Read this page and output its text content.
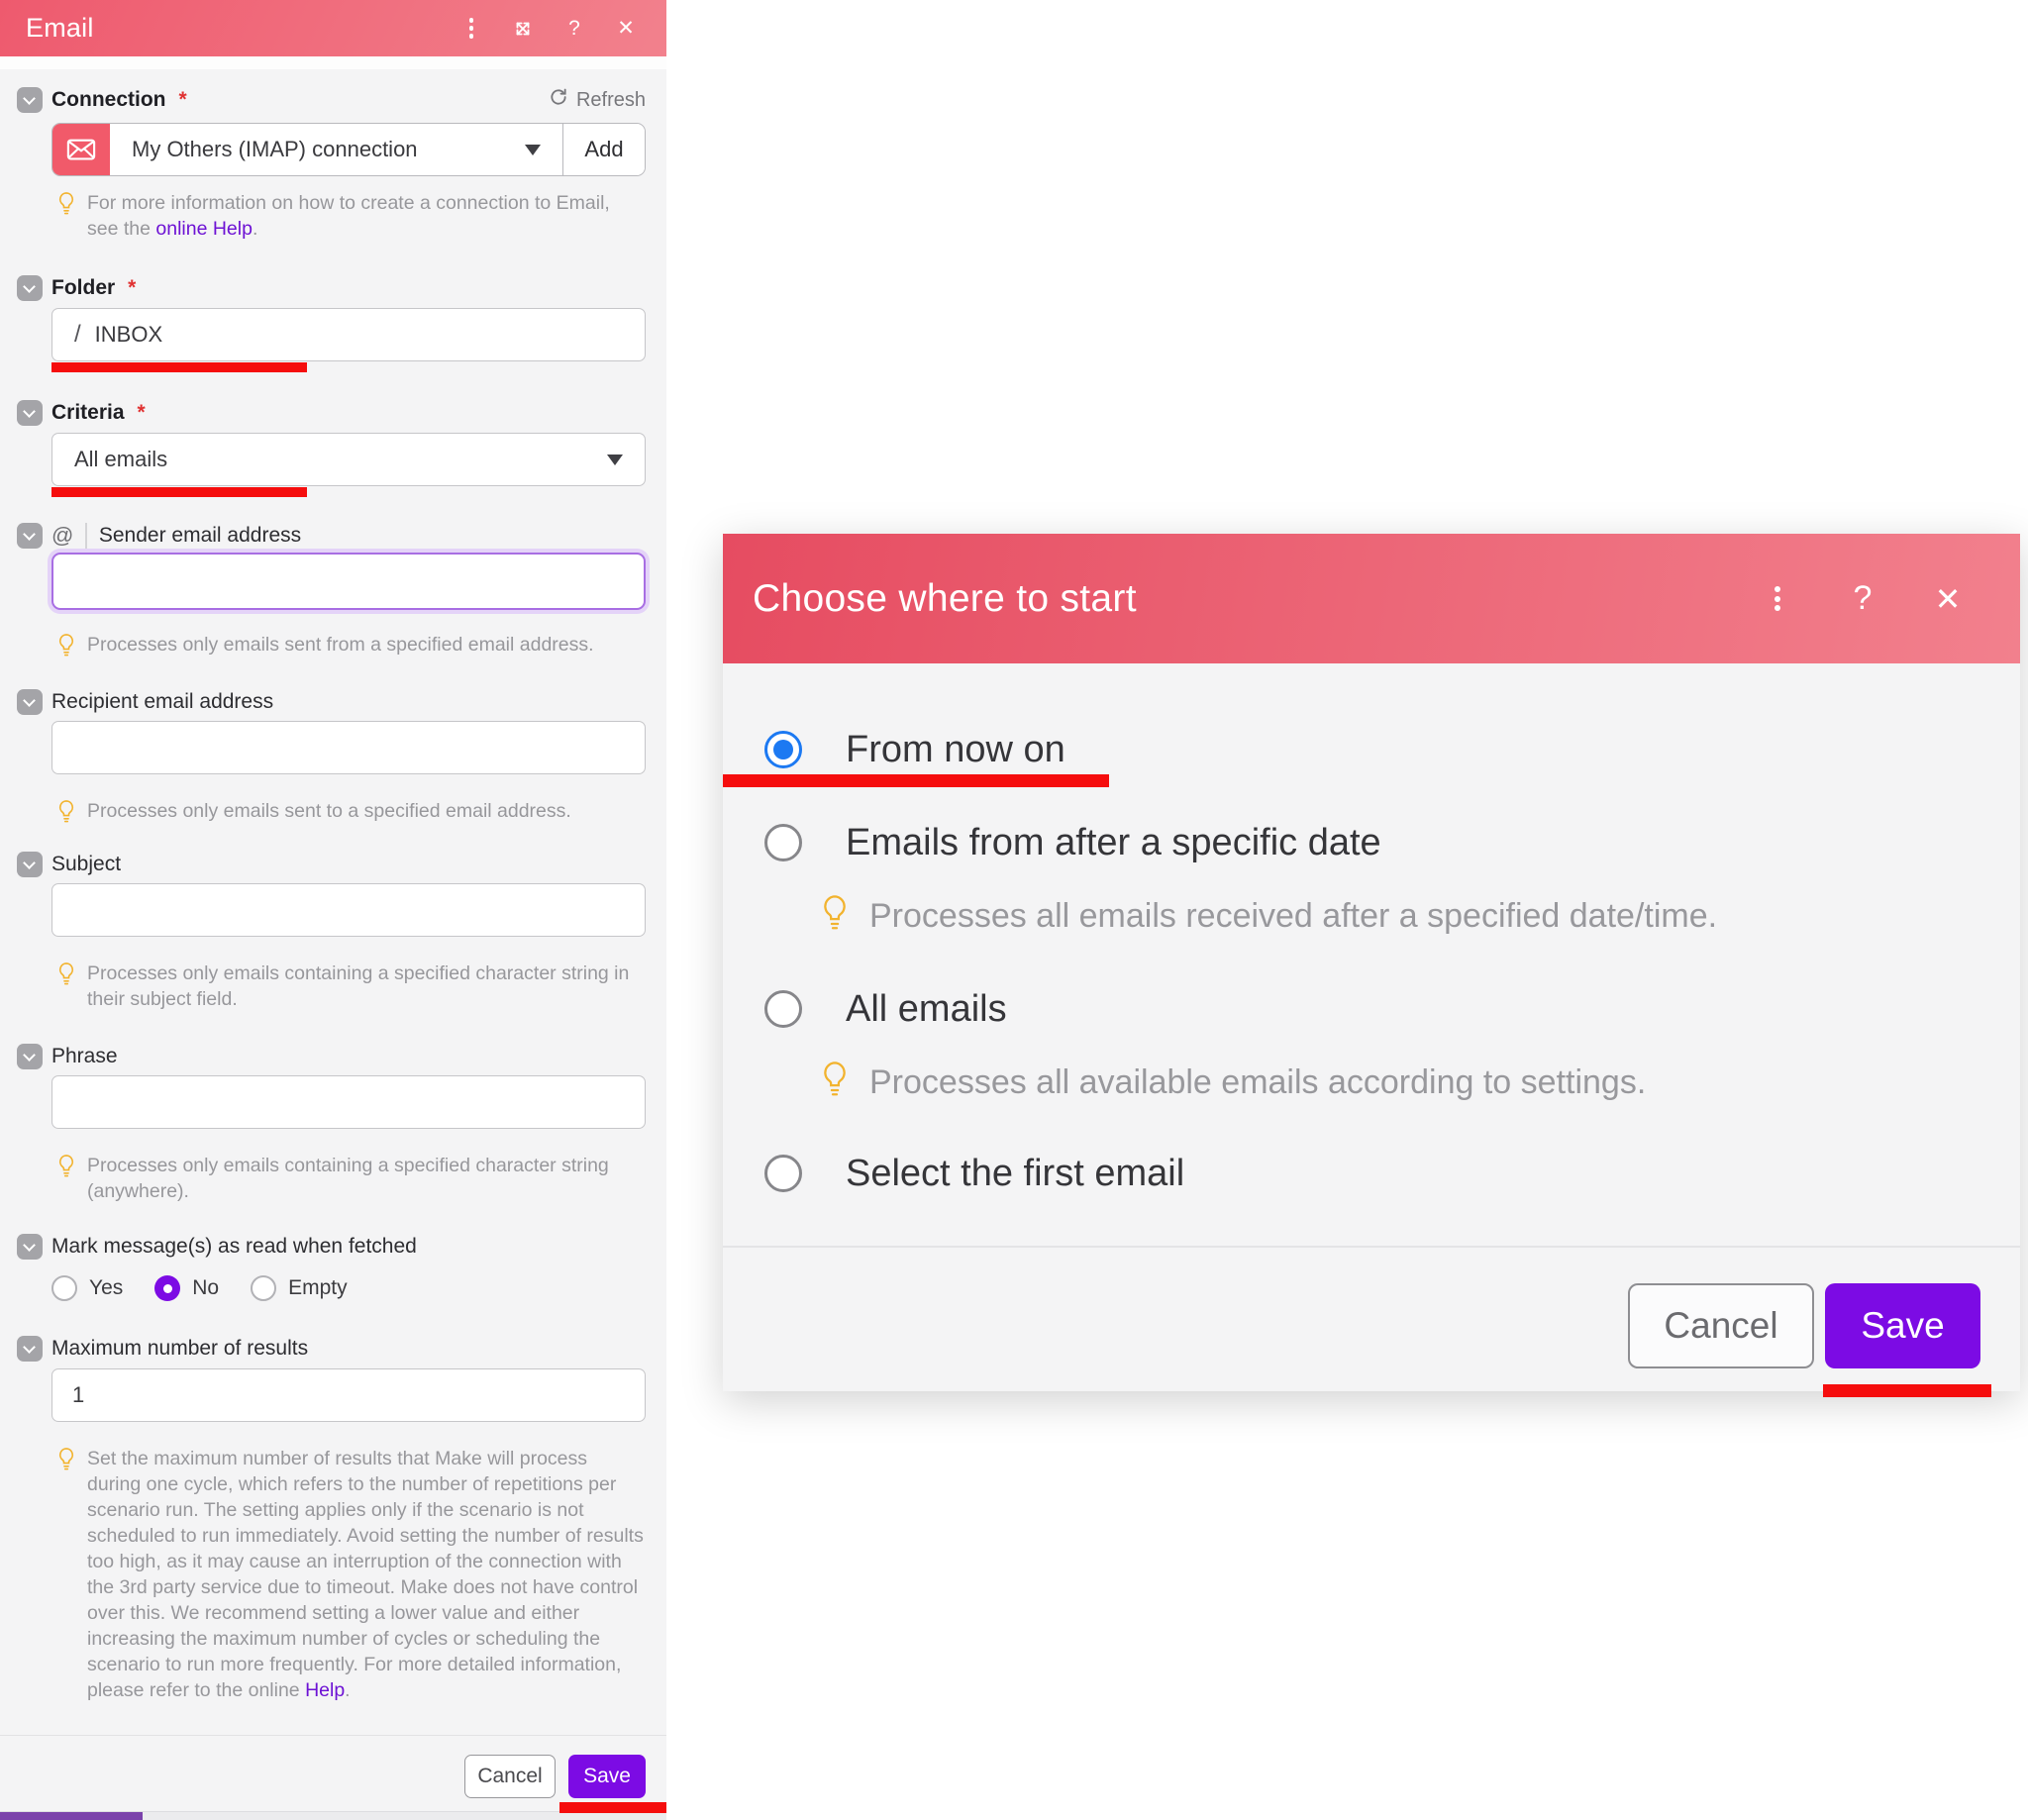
Email	? ✕
Connection *	Refresh
My Others (IMAP) connection	Add

For more information on how to create a connection to Email, see the online Help.

Folder *
/ INBOX
Criteria *
All emails
@ Sender email address

Processes only emails sent from a specified email address.

Recipient email address

Processes only emails sent to a specified email address.

Subject

Processes only emails containing a specified character string in their subject field.

Phrase

Processes only emails containing a specified character string (anywhere).

Mark message(s) as read when fetched
Yes	No	Empty
Maximum number of results
1

Set the maximum number of results that Make will process during one cycle, which refers to the number of repetitions per scenario run. The setting applies only if the scenario is not scheduled to run immediately. Avoid setting the number of results too high, as it may cause an interruption of the connection with the 3rd party service due to timeout. Make does not have control over this. We recommend setting a lower value and either increasing the maximum number of cycles or scheduling the scenario to run more frequently. For more detailed information, please refer to the online Help.

Cancel	Save
Choose where to start	? ✕
From now on
Emails from after a specific date
Processes all emails received after a specified date/time.
All emails
Processes all available emails according to settings.
Select the first email
Cancel	Save
